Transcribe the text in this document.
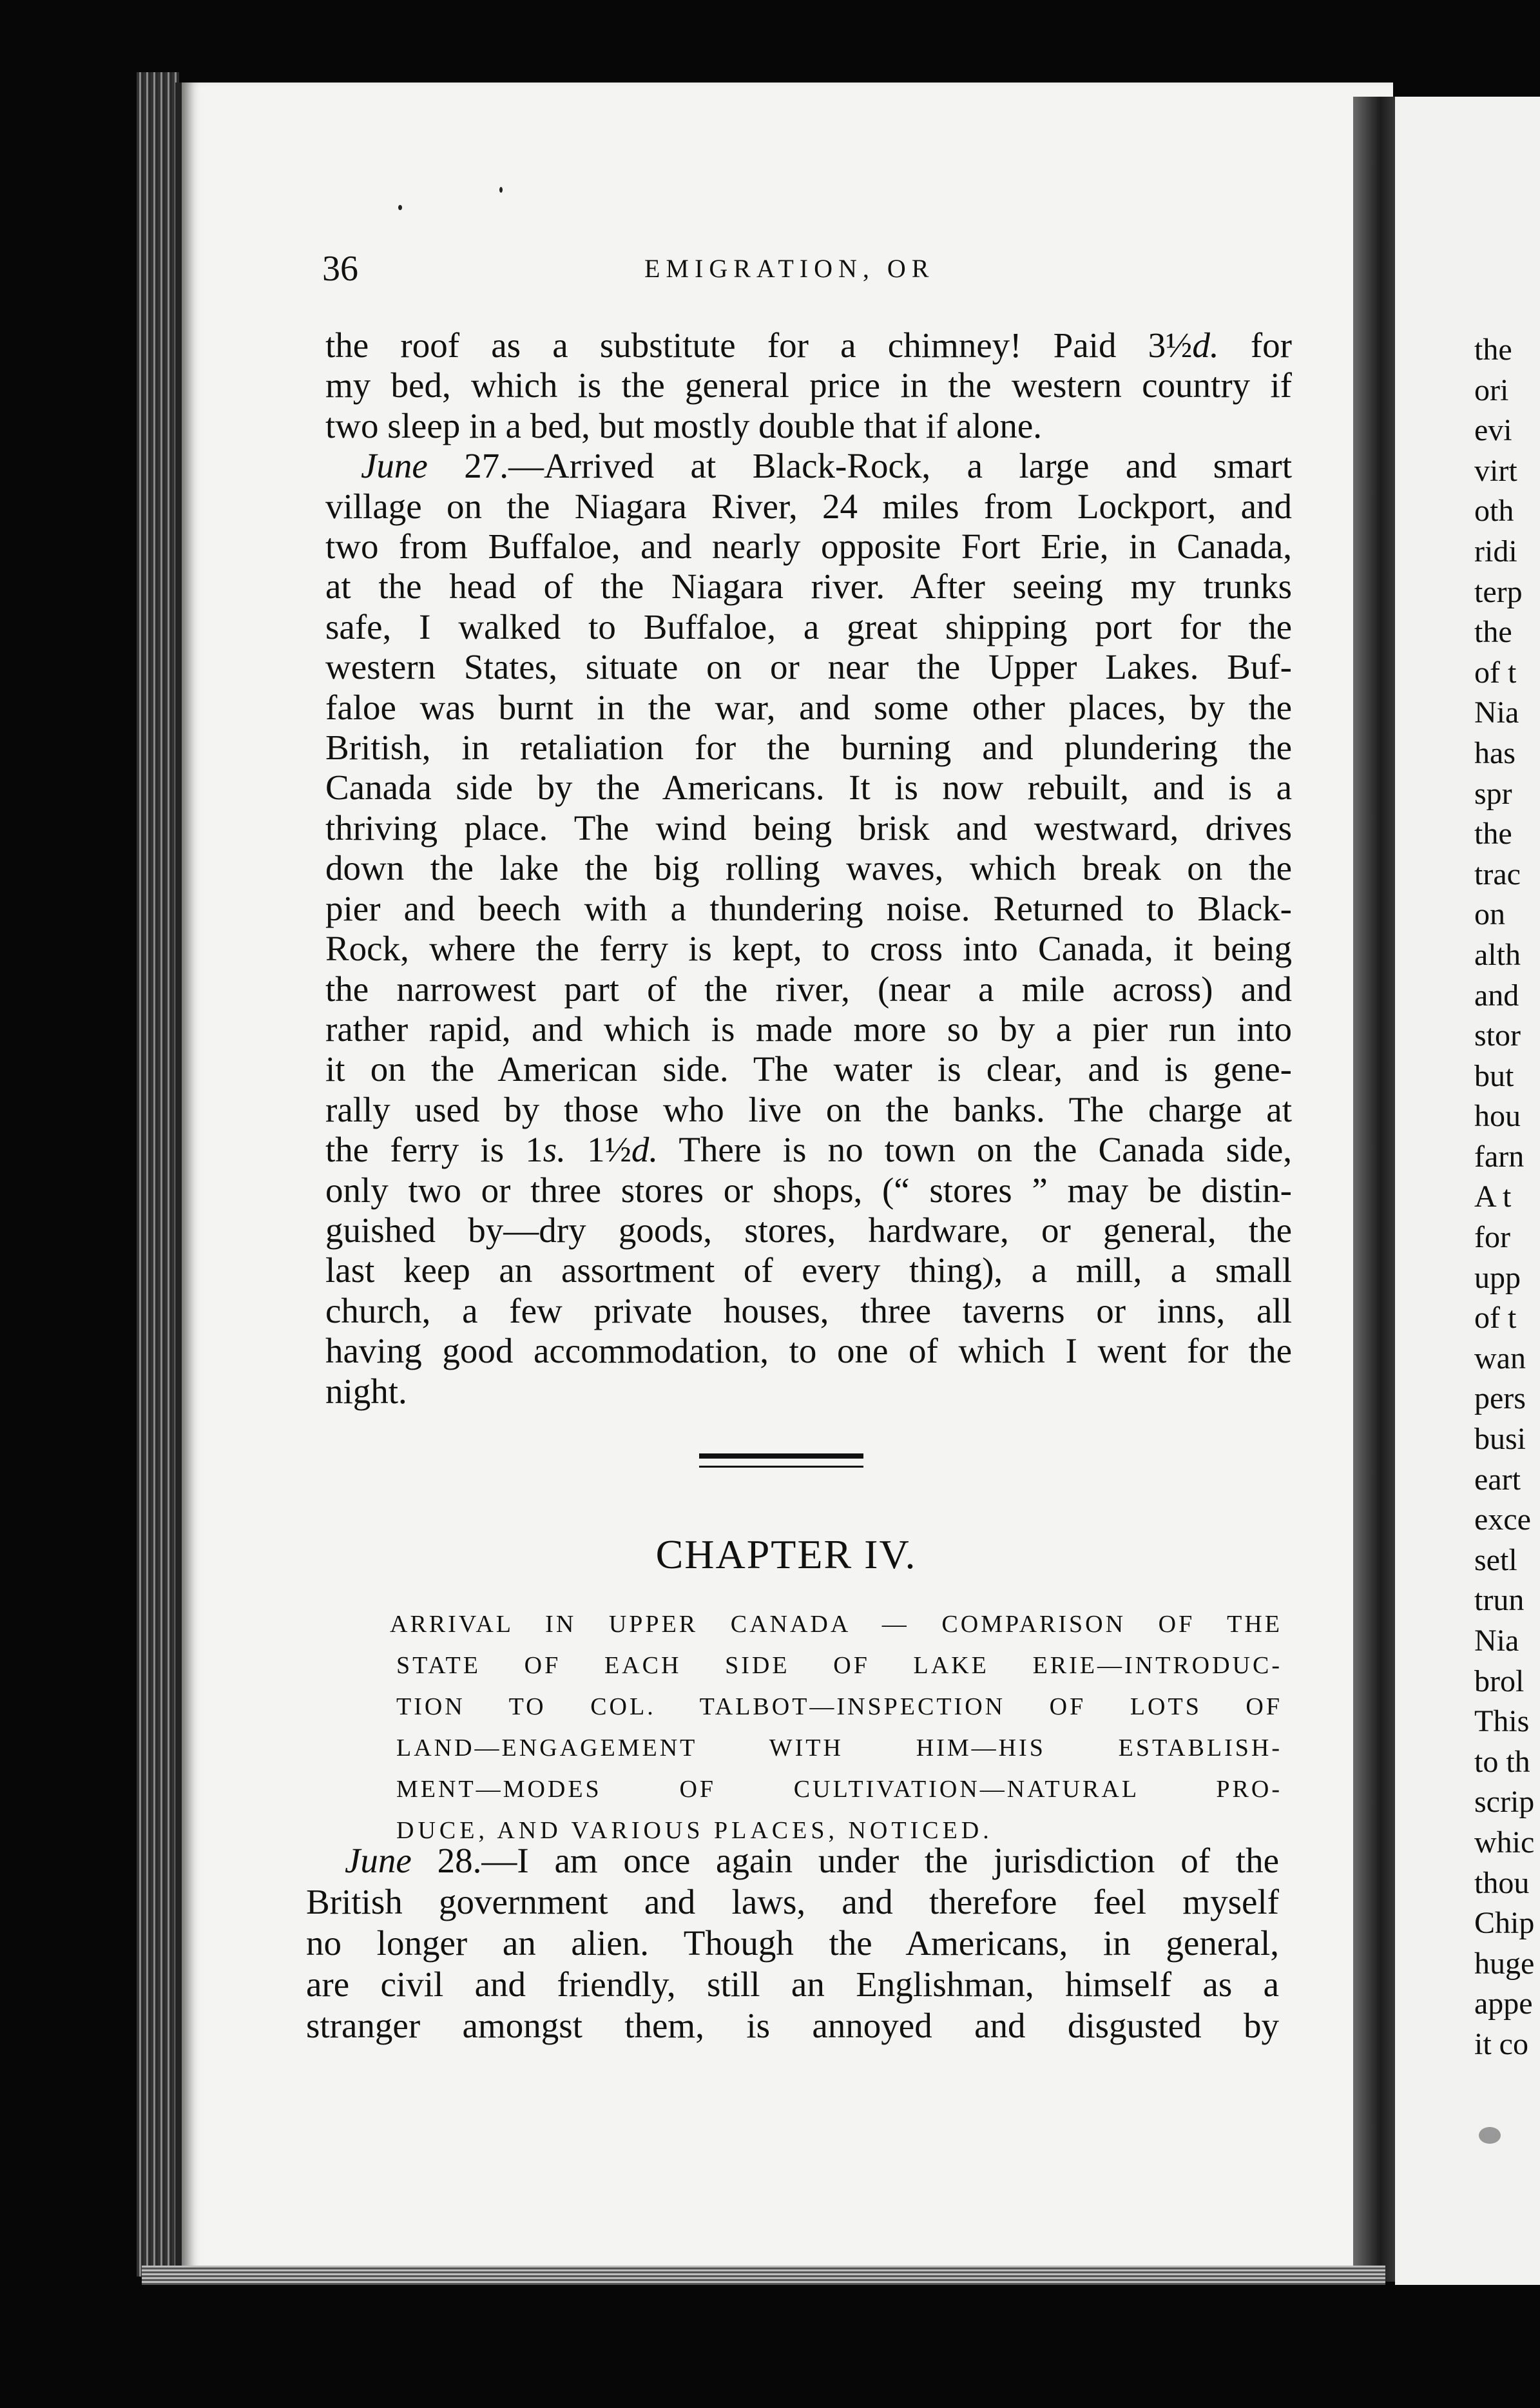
36	EMIGRATION, OR
the roof as a substitute for a chimney! Paid 3½d. for
my bed, which is the general price in the western country if
two sleep in a bed, but mostly double that if alone.
June 27.—Arrived at Black-Rock, a large and smart
village on the Niagara River, 24 miles from Lockport, and
two from Buffaloe, and nearly opposite Fort Erie, in Canada,
at the head of the Niagara river. After seeing my trunks
safe, I walked to Buffaloe, a great shipping port for the
western States, situate on or near the Upper Lakes. Buf-
faloe was burnt in the war, and some other places, by the
British, in retaliation for the burning and plundering the
Canada side by the Americans. It is now rebuilt, and is a
thriving place. The wind being brisk and westward, drives
down the lake the big rolling waves, which break on the
pier and beech with a thundering noise. Returned to Black-
Rock, where the ferry is kept, to cross into Canada, it being
the narrowest part of the river, (near a mile across) and
rather rapid, and which is made more so by a pier run into
it on the American side. The water is clear, and is gene-
rally used by those who live on the banks. The charge at
the ferry is 1s. 1½d. There is no town on the Canada side,
only two or three stores or shops, (“ stores ” may be distin-
guished by—dry goods, stores, hardware, or general, the
last keep an assortment of every thing), a mill, a small
church, a few private houses, three taverns or inns, all
having good accommodation, to one of which I went for the
night.
CHAPTER IV.
ARRIVAL IN UPPER CANADA — COMPARISON OF THE
STATE OF EACH SIDE OF LAKE ERIE—INTRODUC-
TION TO COL. TALBOT—INSPECTION OF LOTS OF
LAND—ENGAGEMENT WITH HIM—HIS ESTABLISH-
MENT—MODES OF CULTIVATION—NATURAL PRO-
DUCE, AND VARIOUS PLACES, NOTICED.
June 28.—I am once again under the jurisdiction of the
British government and laws, and therefore feel myself
no longer an alien. Though the Americans, in general,
are civil and friendly, still an Englishman, himself as a
stranger amongst them, is annoyed and disgusted by
the
ori
evi
virt
oth
ridi
terp
the
of t
Nia
has
spr
the
trac
on
alth
and
stor
but
hou
farn
A t
for
upp
of t
wan
pers
busi
eart
exce
setl
trun
Nia
brol
This
to th
scrip
whic
thou
Chip
huge
appe
it co
